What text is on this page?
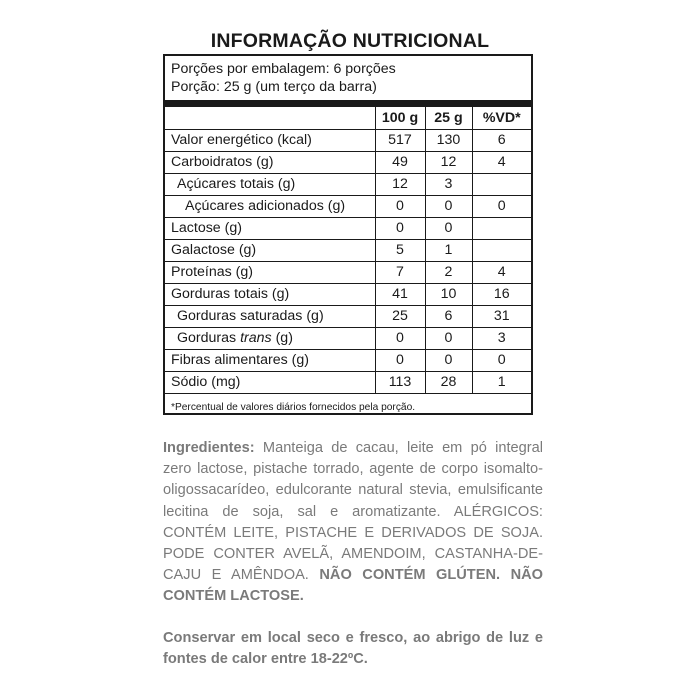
INFORMAÇÃO NUTRICIONAL
Porções por embalagem: 6 porções
Porção: 25 g (um terço da barra)
	100 g	25 g	%VD*
Valor energético (kcal)	517	130	6
Carboidratos (g)	49	12	4
Açúcares totais (g)	12	3	
Açúcares adicionados (g)	0	0	0
Lactose (g)	0	0	
Galactose (g)	5	1	
Proteínas (g)	7	2	4
Gorduras totais (g)	41	10	16
Gorduras saturadas (g)	25	6	31
Gorduras trans (g)	0	0	3
Fibras alimentares (g)	0	0	0
Sódio (mg)	113	28	1
*Percentual de valores diários fornecidos pela porção.
Ingredientes: Manteiga de cacau, leite em pó integral zero lactose, pistache torrado, agente de corpo isomalto-oligossacarídeo, edulcorante natural stevia, emulsificante lecitina de soja, sal e aromatizante. ALÉRGICOS: CONTÉM LEITE, PISTACHE E DERIVADOS DE SOJA. PODE CONTER AVELÃ, AMENDOIM, CASTANHA-DE-CAJU E AMÊNDOA. NÃO CONTÉM GLÚTEN. NÃO CONTÉM LACTOSE.
Conservar em local seco e fresco, ao abrigo de luz e fontes de calor entre 18-22ºC.
